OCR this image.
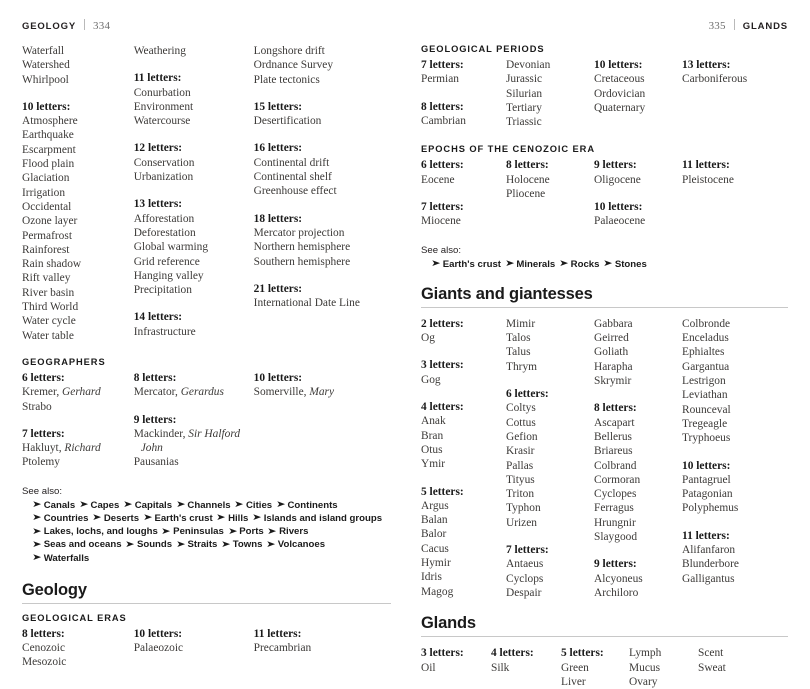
GEOLOGY 334
Waterfall
Watershed
Whirlpool
10 letters:
Atmosphere
Earthquake
Escarpment
Flood plain
Glaciation
Irrigation
Occidental
Ozone layer
Permafrost
Rainforest
Rain shadow
Rift valley
River basin
Third World
Water cycle
Water table
Weathering
11 letters:
Conurbation
Environment
Watercourse
12 letters:
Conservation
Urbanization
13 letters:
Afforestation
Deforestation
Global warming
Grid reference
Hanging valley
Precipitation
14 letters:
Infrastructure
Longshore drift
Ordnance Survey
Plate tectonics
15 letters:
Desertification
16 letters:
Continental drift
Continental shelf
Greenhouse effect
18 letters:
Mercator projection
Northern hemisphere
Southern hemisphere
21 letters:
International Date Line
GEOGRAPHERS
6 letters:
Kremer, Gerhard
Strabo
7 letters:
Hakluyt, Richard
Ptolemy
8 letters:
Mercator, Gerardus
9 letters:
Mackinder, Sir Halford
John
Pausanias
10 letters:
Somerville, Mary
See also:
➤ Canals ➤ Capes ➤ Capitals ➤ Channels ➤ Cities ➤ Continents ➤ Countries ➤ Deserts ➤ Earth's crust ➤ Hills ➤ Islands and island groups ➤ Lakes, lochs, and loughs ➤ Peninsulas ➤ Ports ➤ Rivers ➤ Seas and oceans ➤ Sounds ➤ Straits ➤ Towns ➤ Volcanoes ➤ Waterfalls
Geology
GEOLOGICAL ERAS
8 letters:
Cenozoic
Mesozoic
10 letters:
Palaeozoic
11 letters:
Precambrian
335 GLANDS
GEOLOGICAL PERIODS
7 letters:
Permian
8 letters:
Cambrian
Devonian
Jurassic
Silurian
Tertiary
Triassic
10 letters:
Cretaceous
Ordovician
Quaternary
13 letters:
Carboniferous
EPOCHS OF THE CENOZOIC ERA
6 letters:
Eocene
7 letters:
Miocene
8 letters:
Holocene
Pliocene
9 letters:
Oligocene
10 letters:
Palaeocene
11 letters:
Pleistocene
See also:
➤ Earth's crust ➤ Minerals ➤ Rocks ➤ Stones
Giants and giantesses
2 letters:
Og
3 letters:
Gog
4 letters:
Anak
Bran
Otus
Ymir
5 letters:
Argus
Balan
Balor
Cacus
Hymir
Idris
Magog
Mimir
Talos
Talus
Thrym
6 letters:
Coltys
Cottus
Gefion
Krasir
Pallas
Tityus
Triton
Typhon
Urizen
7 letters:
Antaeus
Cyclops
Despair
Gabbara
Geirred
Goliath
Harapha
Skrymir
8 letters:
Ascapart
Bellerus
Briareus
Colbrand
Cormoran
Cyclopes
Ferragus
Hrungnir
Slaygood
9 letters:
Alcyoneus
Archiloro
Colbronde
Enceladus
Ephialtes
Gargantua
Lestrigon
Leviathan
Rounceval
Tregeagle
Tryphoeus
10 letters:
Pantagruel
Patagonian
Polyphemus
11 letters:
Alifanfaron
Blunderbore
Galligantus
Glands
3 letters:
Oil
4 letters:
Silk
5 letters:
Green
Liver
Lymph
Mucus
Ovary
Scent
Sweat
